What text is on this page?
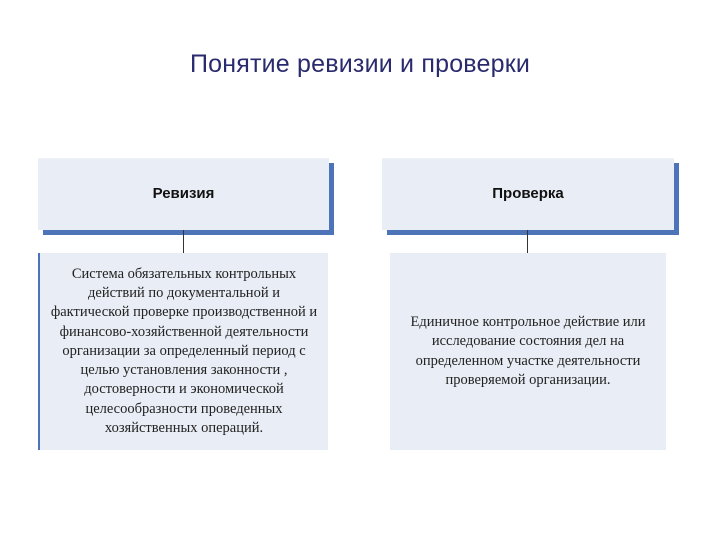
Понятие ревизии и проверки
Ревизия
Система обязательных контрольных действий по документальной и фактической проверке производственной и финансово-хозяйственной деятельности организации за определенный период с целью установления законности , достоверности и экономической целесообразности проведенных хозяйственных операций.
Проверка
Единичное контрольное действие или исследование состояния дел на определенном участке деятельности проверяемой организации.
